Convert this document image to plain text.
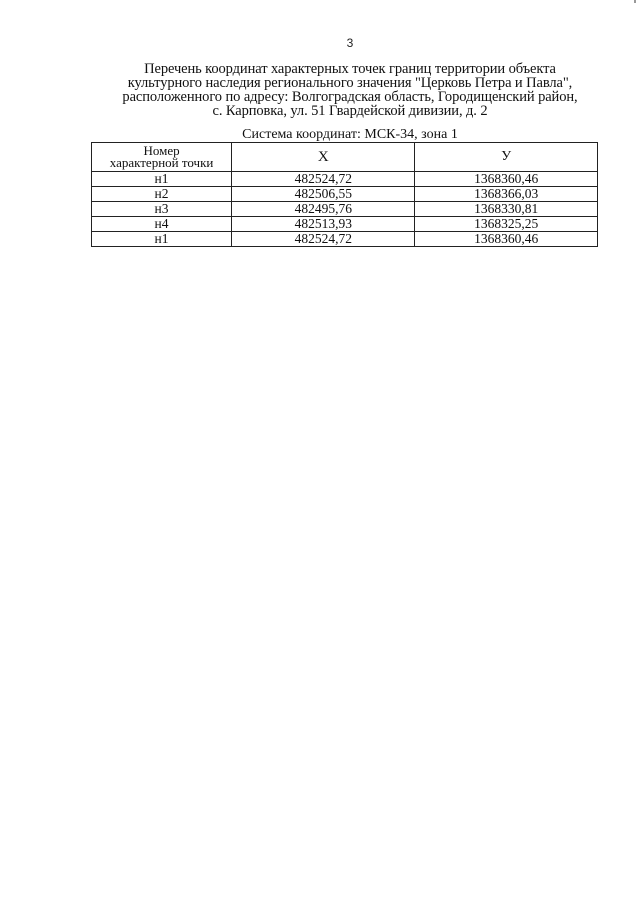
3
Перечень координат характерных точек границ территории объекта
культурного наследия регионального значения "Церковь Петра и Павла",
расположенного по адресу: Волгоградская область, Городищенский район,
с. Карповка, ул. 51 Гвардейской дивизии, д. 2
Система координат: МСК-34, зона 1
Номер
характерной точки	X	У
н1	482524,72	1368360,46
н2	482506,55	1368366,03
н3	482495,76	1368330,81
н4	482513,93	1368325,25
н1	482524,72	1368360,46
